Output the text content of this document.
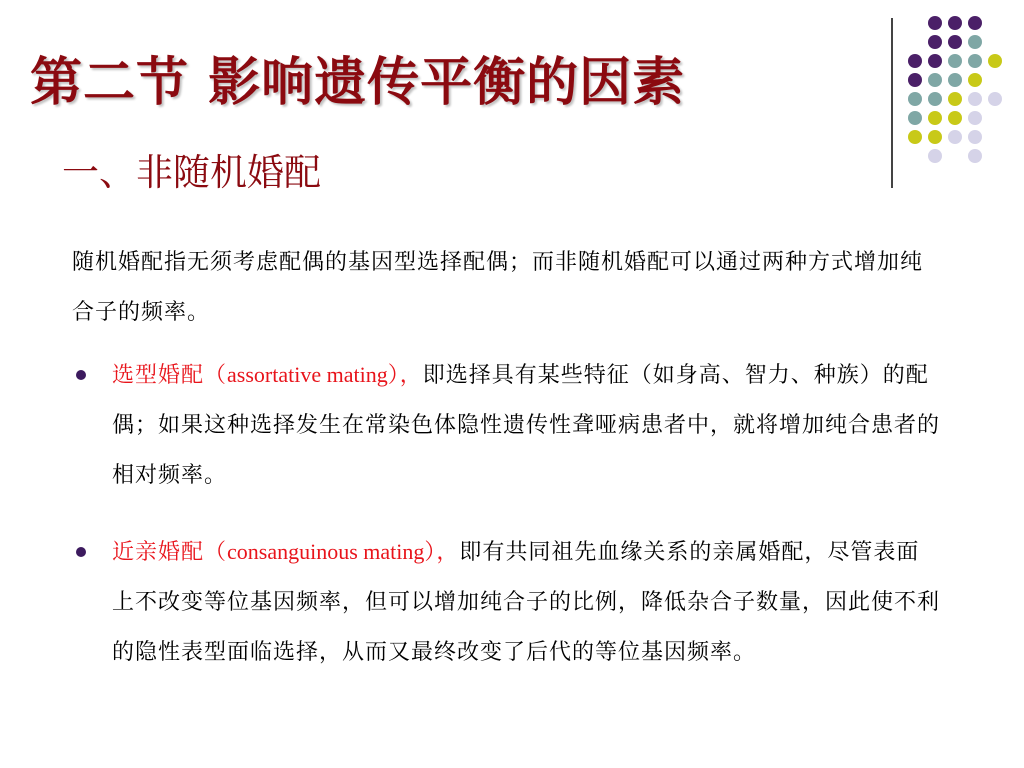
第二节 影响遗传平衡的因素
一、非随机婚配
随机婚配指无须考虑配偶的基因型选择配偶；而非随机婚配可以通过两种方式增加纯合子的频率。
选型婚配（assortative mating），即选择具有某些特征（如身高、智力、种族）的配偶；如果这种选择发生在常染色体隐性遗传性聋哑病患者中，就将增加纯合患者的相对频率。
近亲婚配（consanguinous mating），即有共同祖先血缘关系的亲属婚配，尽管表面上不改变等位基因频率，但可以增加纯合子的比例，降低杂合子数量，因此使不利的隐性表型面临选择，从而又最终改变了后代的等位基因频率。
